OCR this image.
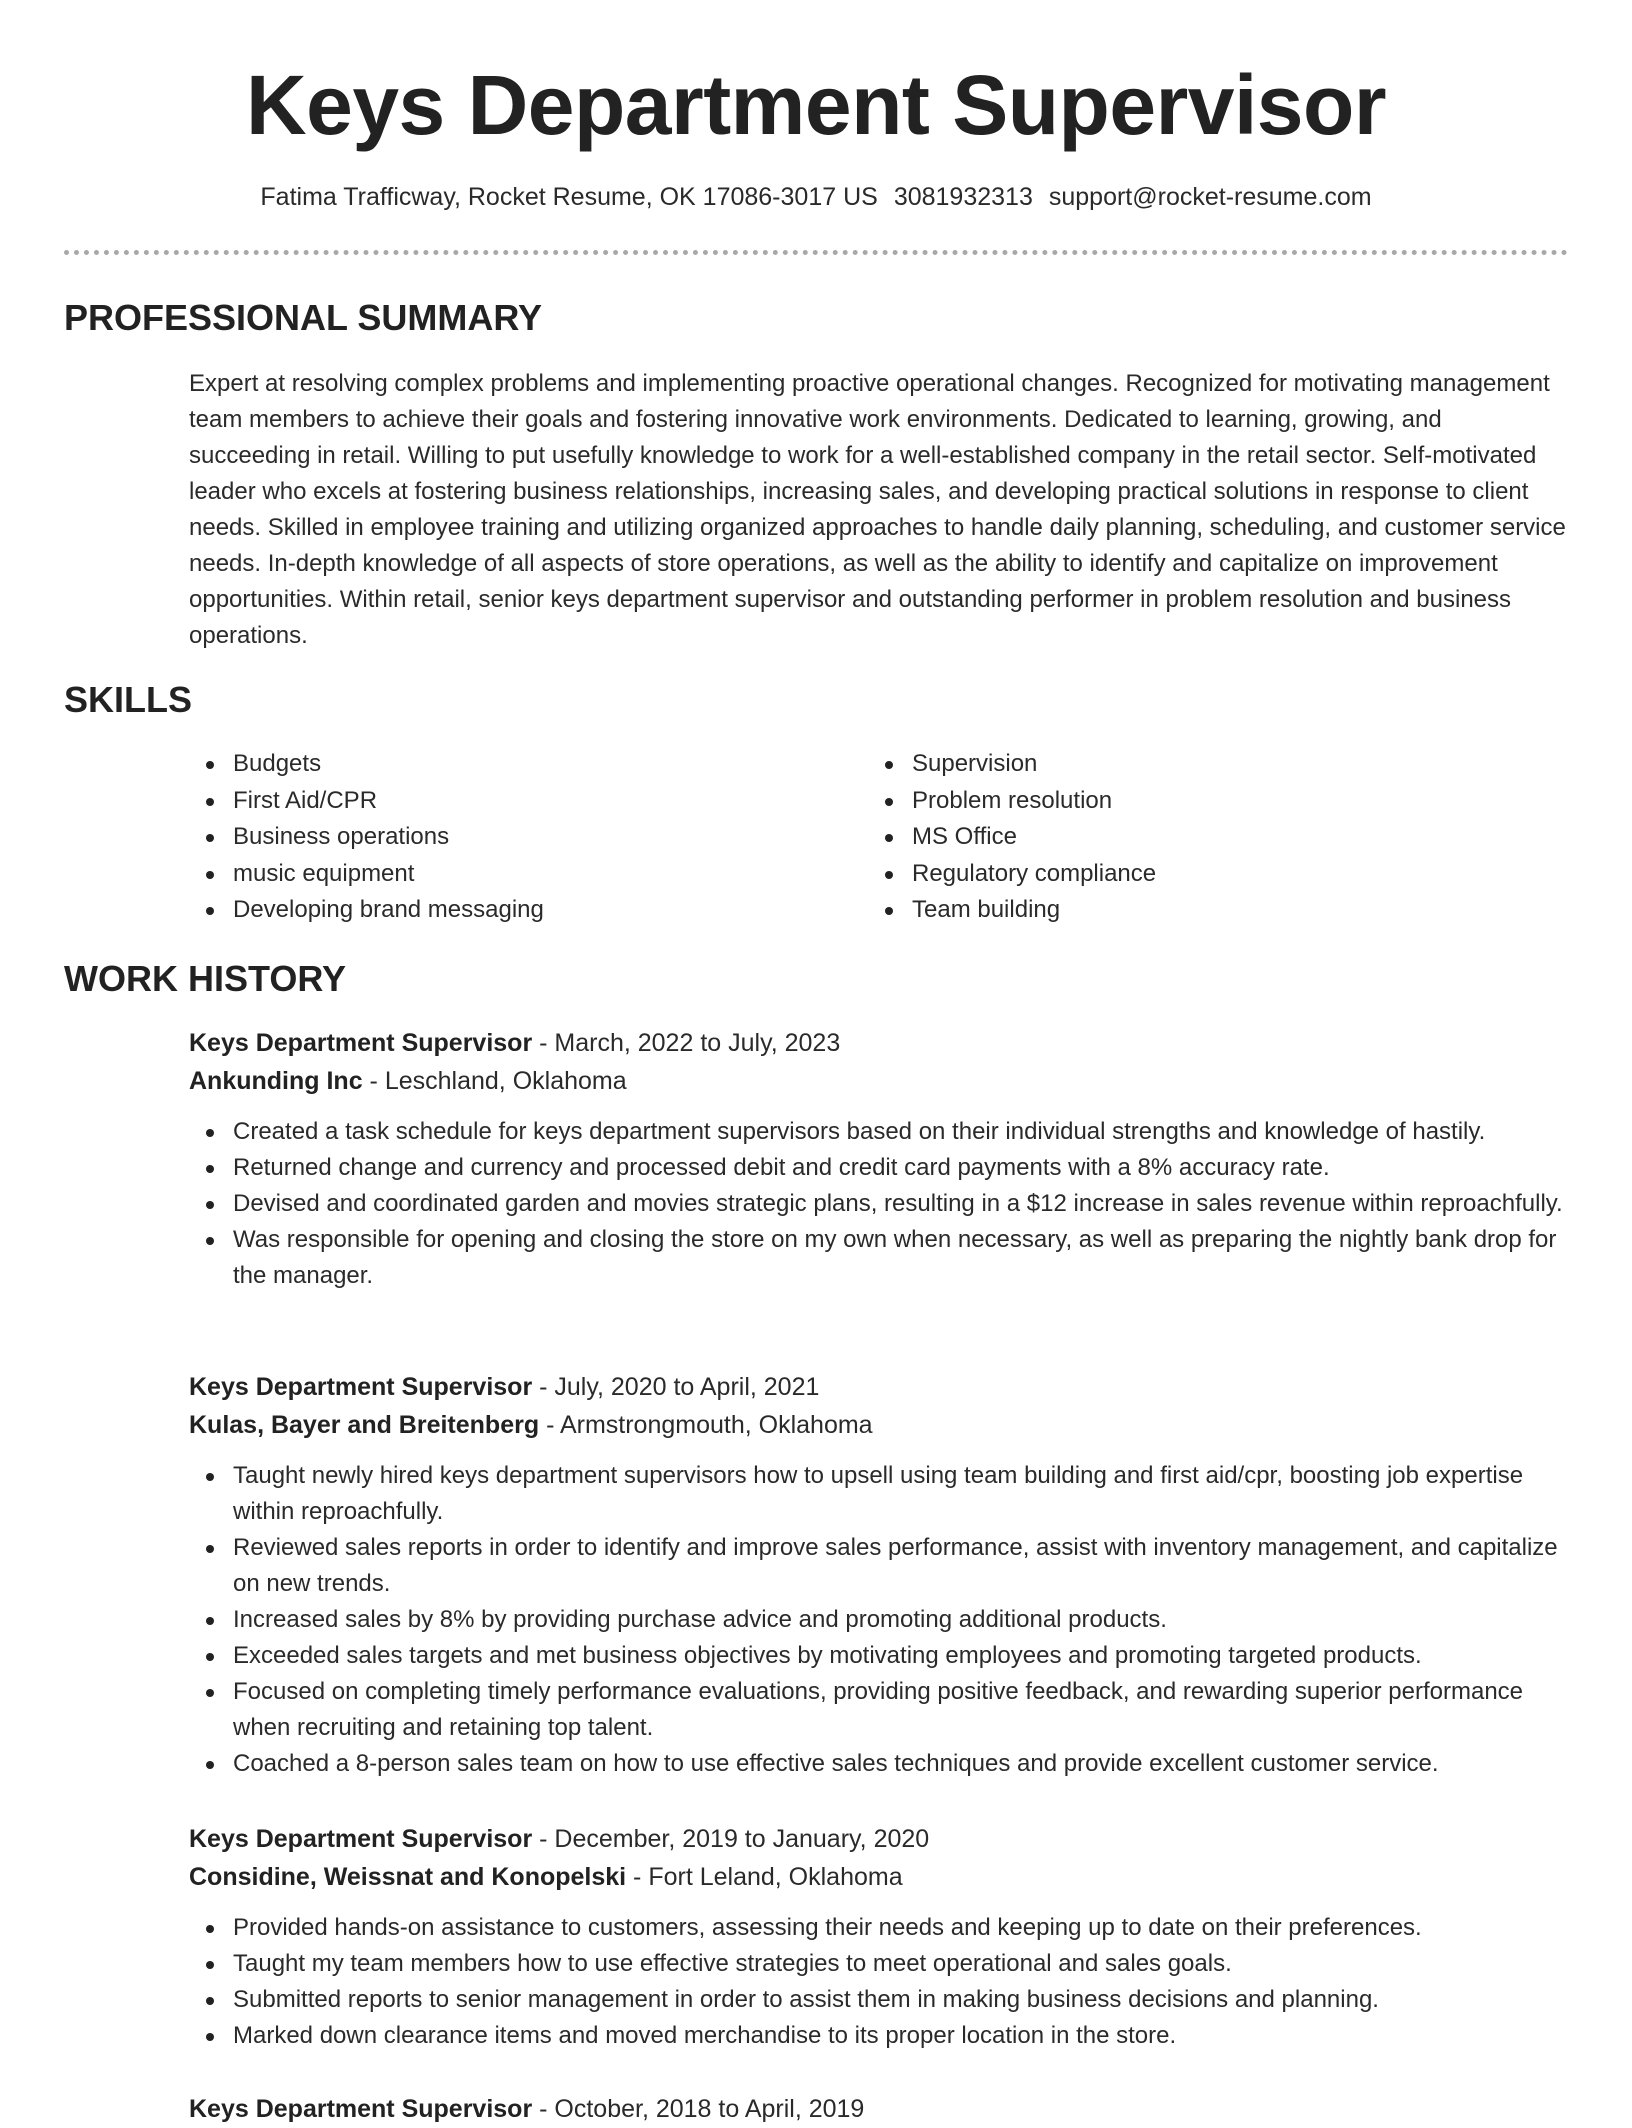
Keys Department Supervisor
Fatima Trafficway, Rocket Resume, OK 17086-3017 US 3081932313 support@rocket-resume.com
PROFESSIONAL SUMMARY

Expert at resolving complex problems and implementing proactive operational changes. Recognized for motivating management team members to achieve their goals and fostering innovative work environments. Dedicated to learning, growing, and succeeding in retail. Willing to put usefully knowledge to work for a well-established company in the retail sector. Self-motivated leader who excels at fostering business relationships, increasing sales, and developing practical solutions in response to client needs. Skilled in employee training and utilizing organized approaches to handle daily planning, scheduling, and customer service needs. In-depth knowledge of all aspects of store operations, as well as the ability to identify and capitalize on improvement opportunities. Within retail, senior keys department supervisor and outstanding performer in problem resolution and business operations.

SKILLS
Budgets
First Aid/CPR
Business operations
music equipment
Developing brand messaging
Supervision
Problem resolution
MS Office
Regulatory compliance
Team building
WORK HISTORY
Keys Department Supervisor - March, 2022 to July, 2023
Ankunding Inc - Leschland, Oklahoma
Created a task schedule for keys department supervisors based on their individual strengths and knowledge of hastily.
Returned change and currency and processed debit and credit card payments with a 8% accuracy rate.
Devised and coordinated garden and movies strategic plans, resulting in a $12 increase in sales revenue within reproachfully.
Was responsible for opening and closing the store on my own when necessary, as well as preparing the nightly bank drop for the manager.
Keys Department Supervisor - July, 2020 to April, 2021
Kulas, Bayer and Breitenberg - Armstrongmouth, Oklahoma
Taught newly hired keys department supervisors how to upsell using team building and first aid/cpr, boosting job expertise within reproachfully.
Reviewed sales reports in order to identify and improve sales performance, assist with inventory management, and capitalize on new trends.
Increased sales by 8% by providing purchase advice and promoting additional products.
Exceeded sales targets and met business objectives by motivating employees and promoting targeted products.
Focused on completing timely performance evaluations, providing positive feedback, and rewarding superior performance when recruiting and retaining top talent.
Coached a 8-person sales team on how to use effective sales techniques and provide excellent customer service.
Keys Department Supervisor - December, 2019 to January, 2020
Considine, Weissnat and Konopelski - Fort Leland, Oklahoma
Provided hands-on assistance to customers, assessing their needs and keeping up to date on their preferences.
Taught my team members how to use effective strategies to meet operational and sales goals.
Submitted reports to senior management in order to assist them in making business decisions and planning.
Marked down clearance items and moved merchandise to its proper location in the store.
Keys Department Supervisor - October, 2018 to April, 2019
